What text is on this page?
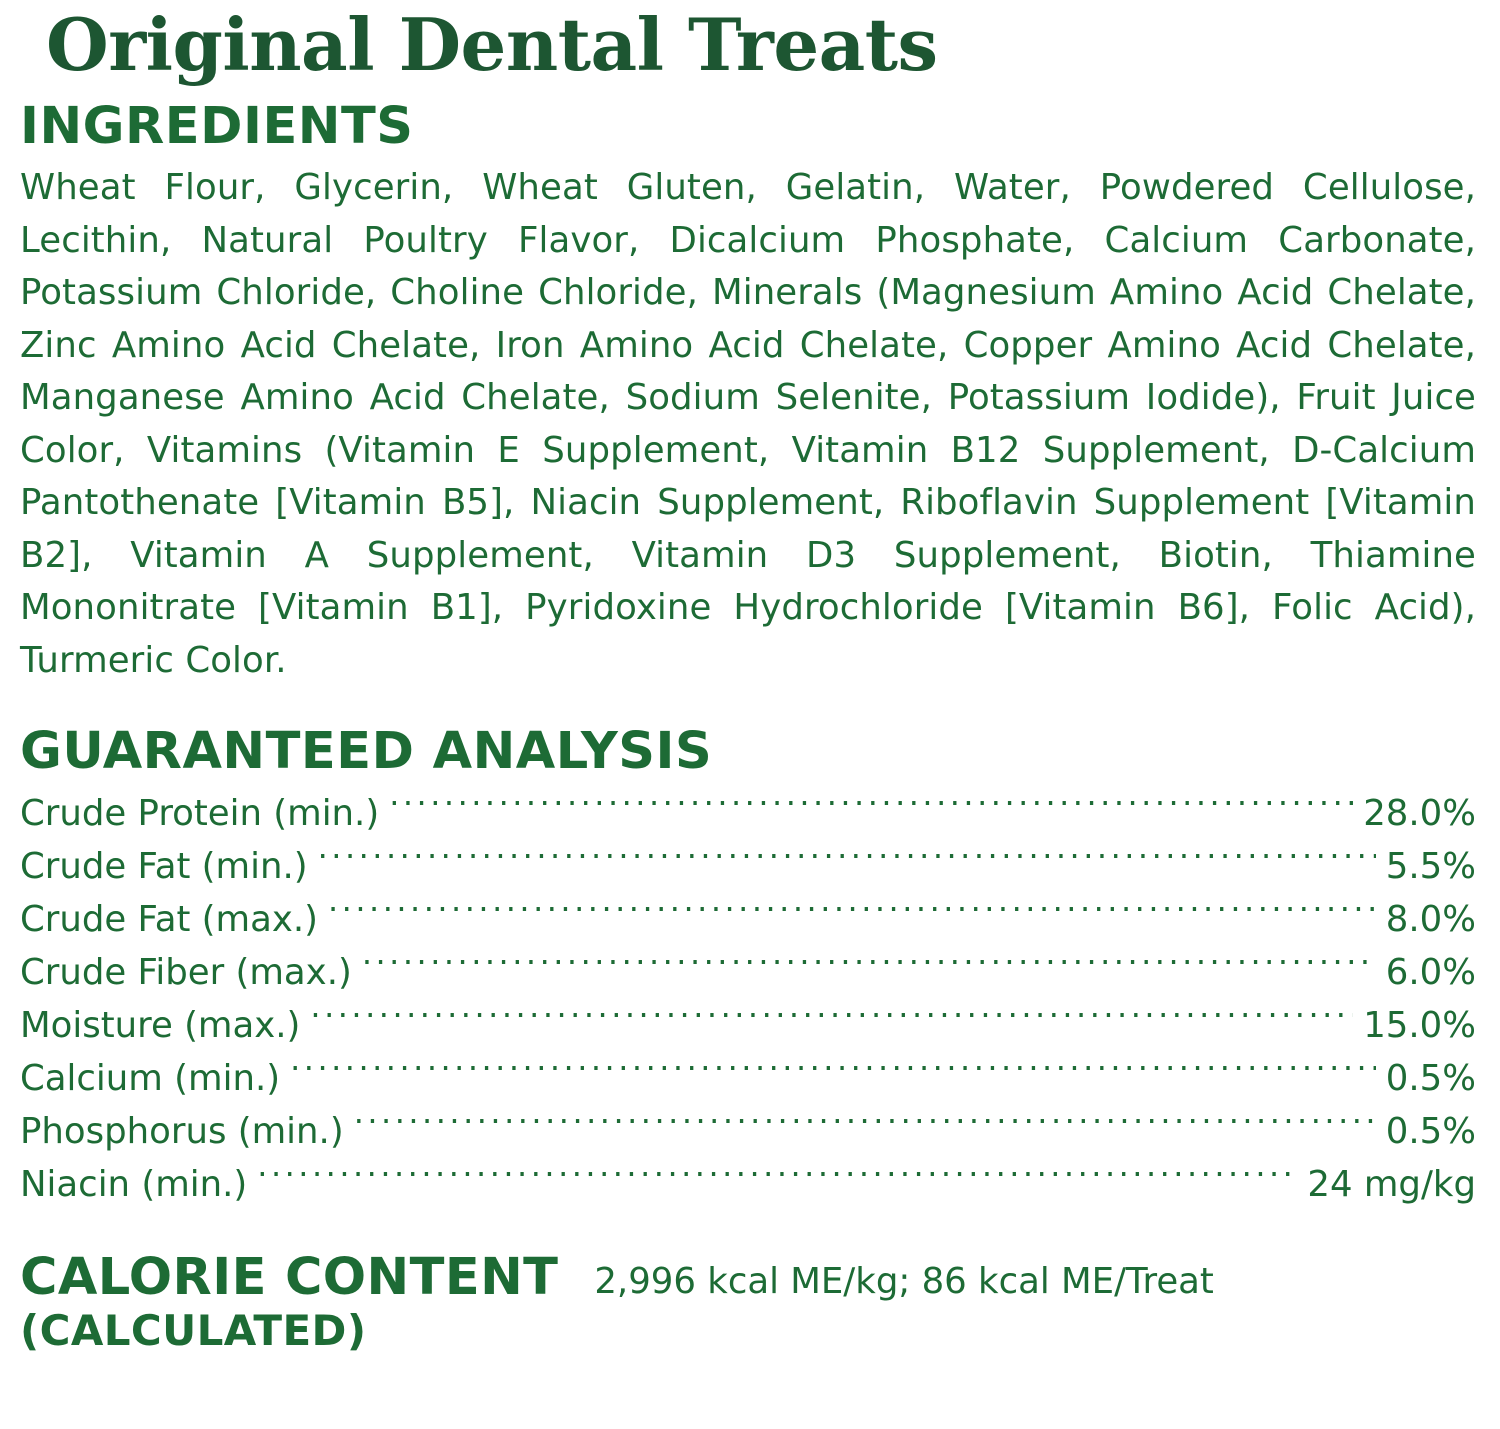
Original Dental Treats
INGREDIENTS

Wheat Flour, Glycerin, Wheat Gluten, Gelatin, Water, Powdered Cellulose, Lecithin, Natural Poultry Flavor, Dicalcium Phosphate, Calcium Carbonate, Potassium Chloride, Choline Chloride, Minerals (Magnesium Amino Acid Chelate, Zinc Amino Acid Chelate, Iron Amino Acid Chelate, Copper Amino Acid Chelate, Manganese Amino Acid Chelate, Sodium Selenite, Potassium Iodide), Fruit Juice Color, Vitamins (Vitamin E Supplement, Vitamin B12 Supplement, D-Calcium Pantothenate [Vitamin B5], Niacin Supplement, Riboflavin Supplement [Vitamin B2], Vitamin A Supplement, Vitamin D3 Supplement, Biotin, Thiamine Mononitrate [Vitamin B1], Pyridoxine Hydrochloride [Vitamin B6], Folic Acid), Turmeric Color.

GUARANTEED ANALYSIS
Crude Protein (min.) .....	28.0%
Crude Fat (min.) .....	5.5%
Crude Fat (max.) .....	8.0%
Crude Fiber (max.) .....	6.0%
Moisture (max.) .....	15.0%
Calcium (min.) .....	0.5%
Phosphorus (min.) .....	0.5%
Niacin (min.) .....	24 mg/kg
CALORIE CONTENT
(CALCULATED)
2,996 kcal ME/kg; 86 kcal ME/Treat
